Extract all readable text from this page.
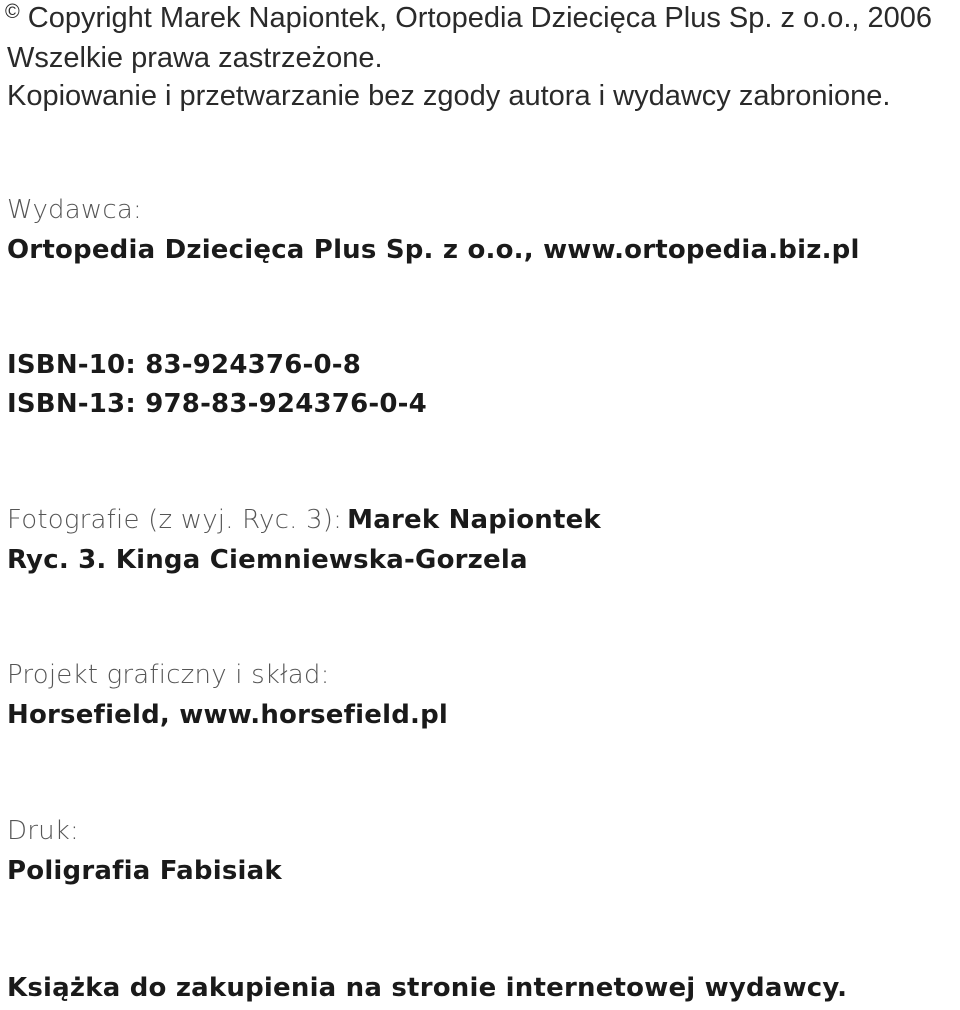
© Copyright Marek Napiontek, Ortopedia Dziecięca Plus Sp. z o.o., 2006
Wszelkie prawa zastrzeżone.
Kopiowanie i przetwarzanie bez zgody autora i wydawcy zabronione.
Wydawca:
Ortopedia Dziecięca Plus Sp. z o.o., www.ortopedia.biz.pl
ISBN-10: 83-924376-0-8
ISBN-13: 978-83-924376-0-4
Fotografie (z wyj. Ryc. 3): Marek Napiontek
Ryc. 3. Kinga Ciemniewska-Gorzela
Projekt graficzny i skład:
Horsefield, www.horsefield.pl
Druk:
Poligrafia Fabisiak
Książka do zakupienia na stronie internetowej wydawcy.
